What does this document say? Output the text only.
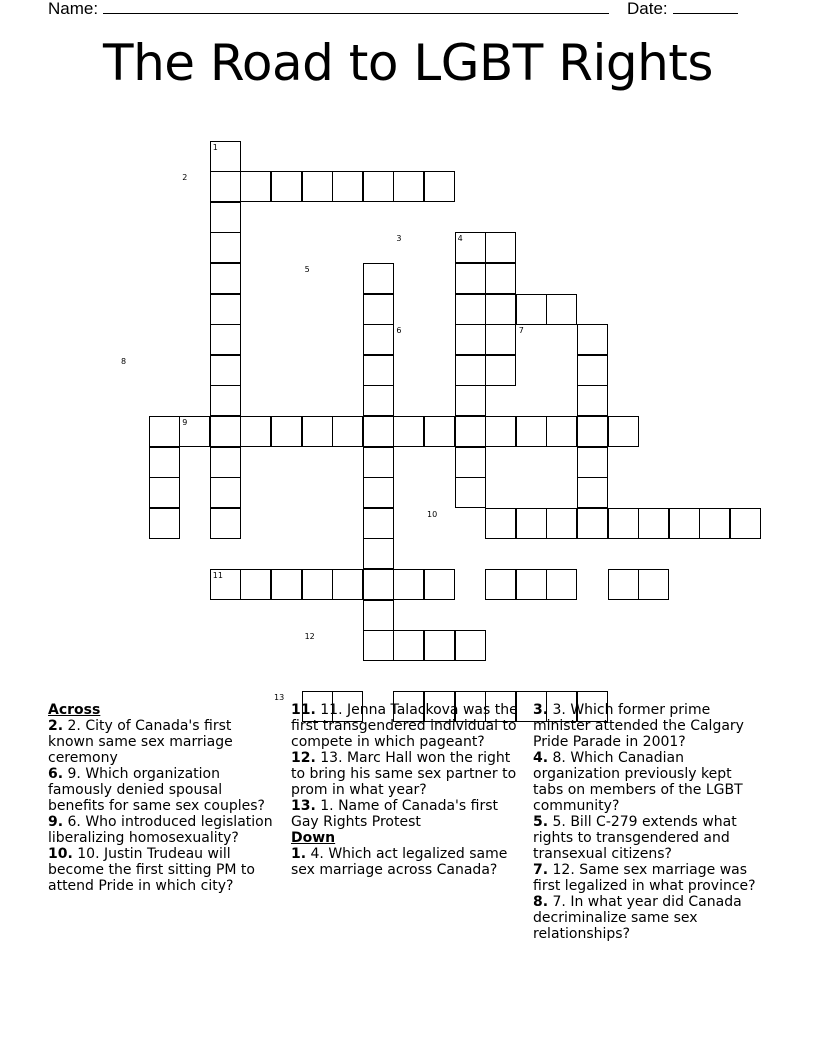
Name:	Date:
The Road to LGBT Rights
1
2
3	4
5
6	7
8
9
10
11
12
13
Across

2. 2. City of Canada's first known same sex marriage ceremony

6. 9. Which organization famously denied spousal benefits for same sex couples?

9. 6. Who introduced legislation liberalizing homosexuality?

10. 10. Justin Trudeau will become the first sitting PM to attend Pride in which city?

11. 11. Jenna Talackova was the first transgendered individual to compete in which pageant?

12. 13. Marc Hall won the right to bring his same sex partner to prom in what year?

13. 1. Name of Canada's first Gay Rights Protest

Down

1. 4. Which act legalized same sex marriage across Canada?

3. 3. Which former prime minister attended the Calgary Pride Parade in 2001?

4. 8. Which Canadian organization previously kept tabs on members of the LGBT community?

5. 5. Bill C-279 extends what rights to transgendered and transexual citizens?

7. 12. Same sex marriage was first legalized in what province?

8. 7. In what year did Canada decriminalize same sex relationships?
